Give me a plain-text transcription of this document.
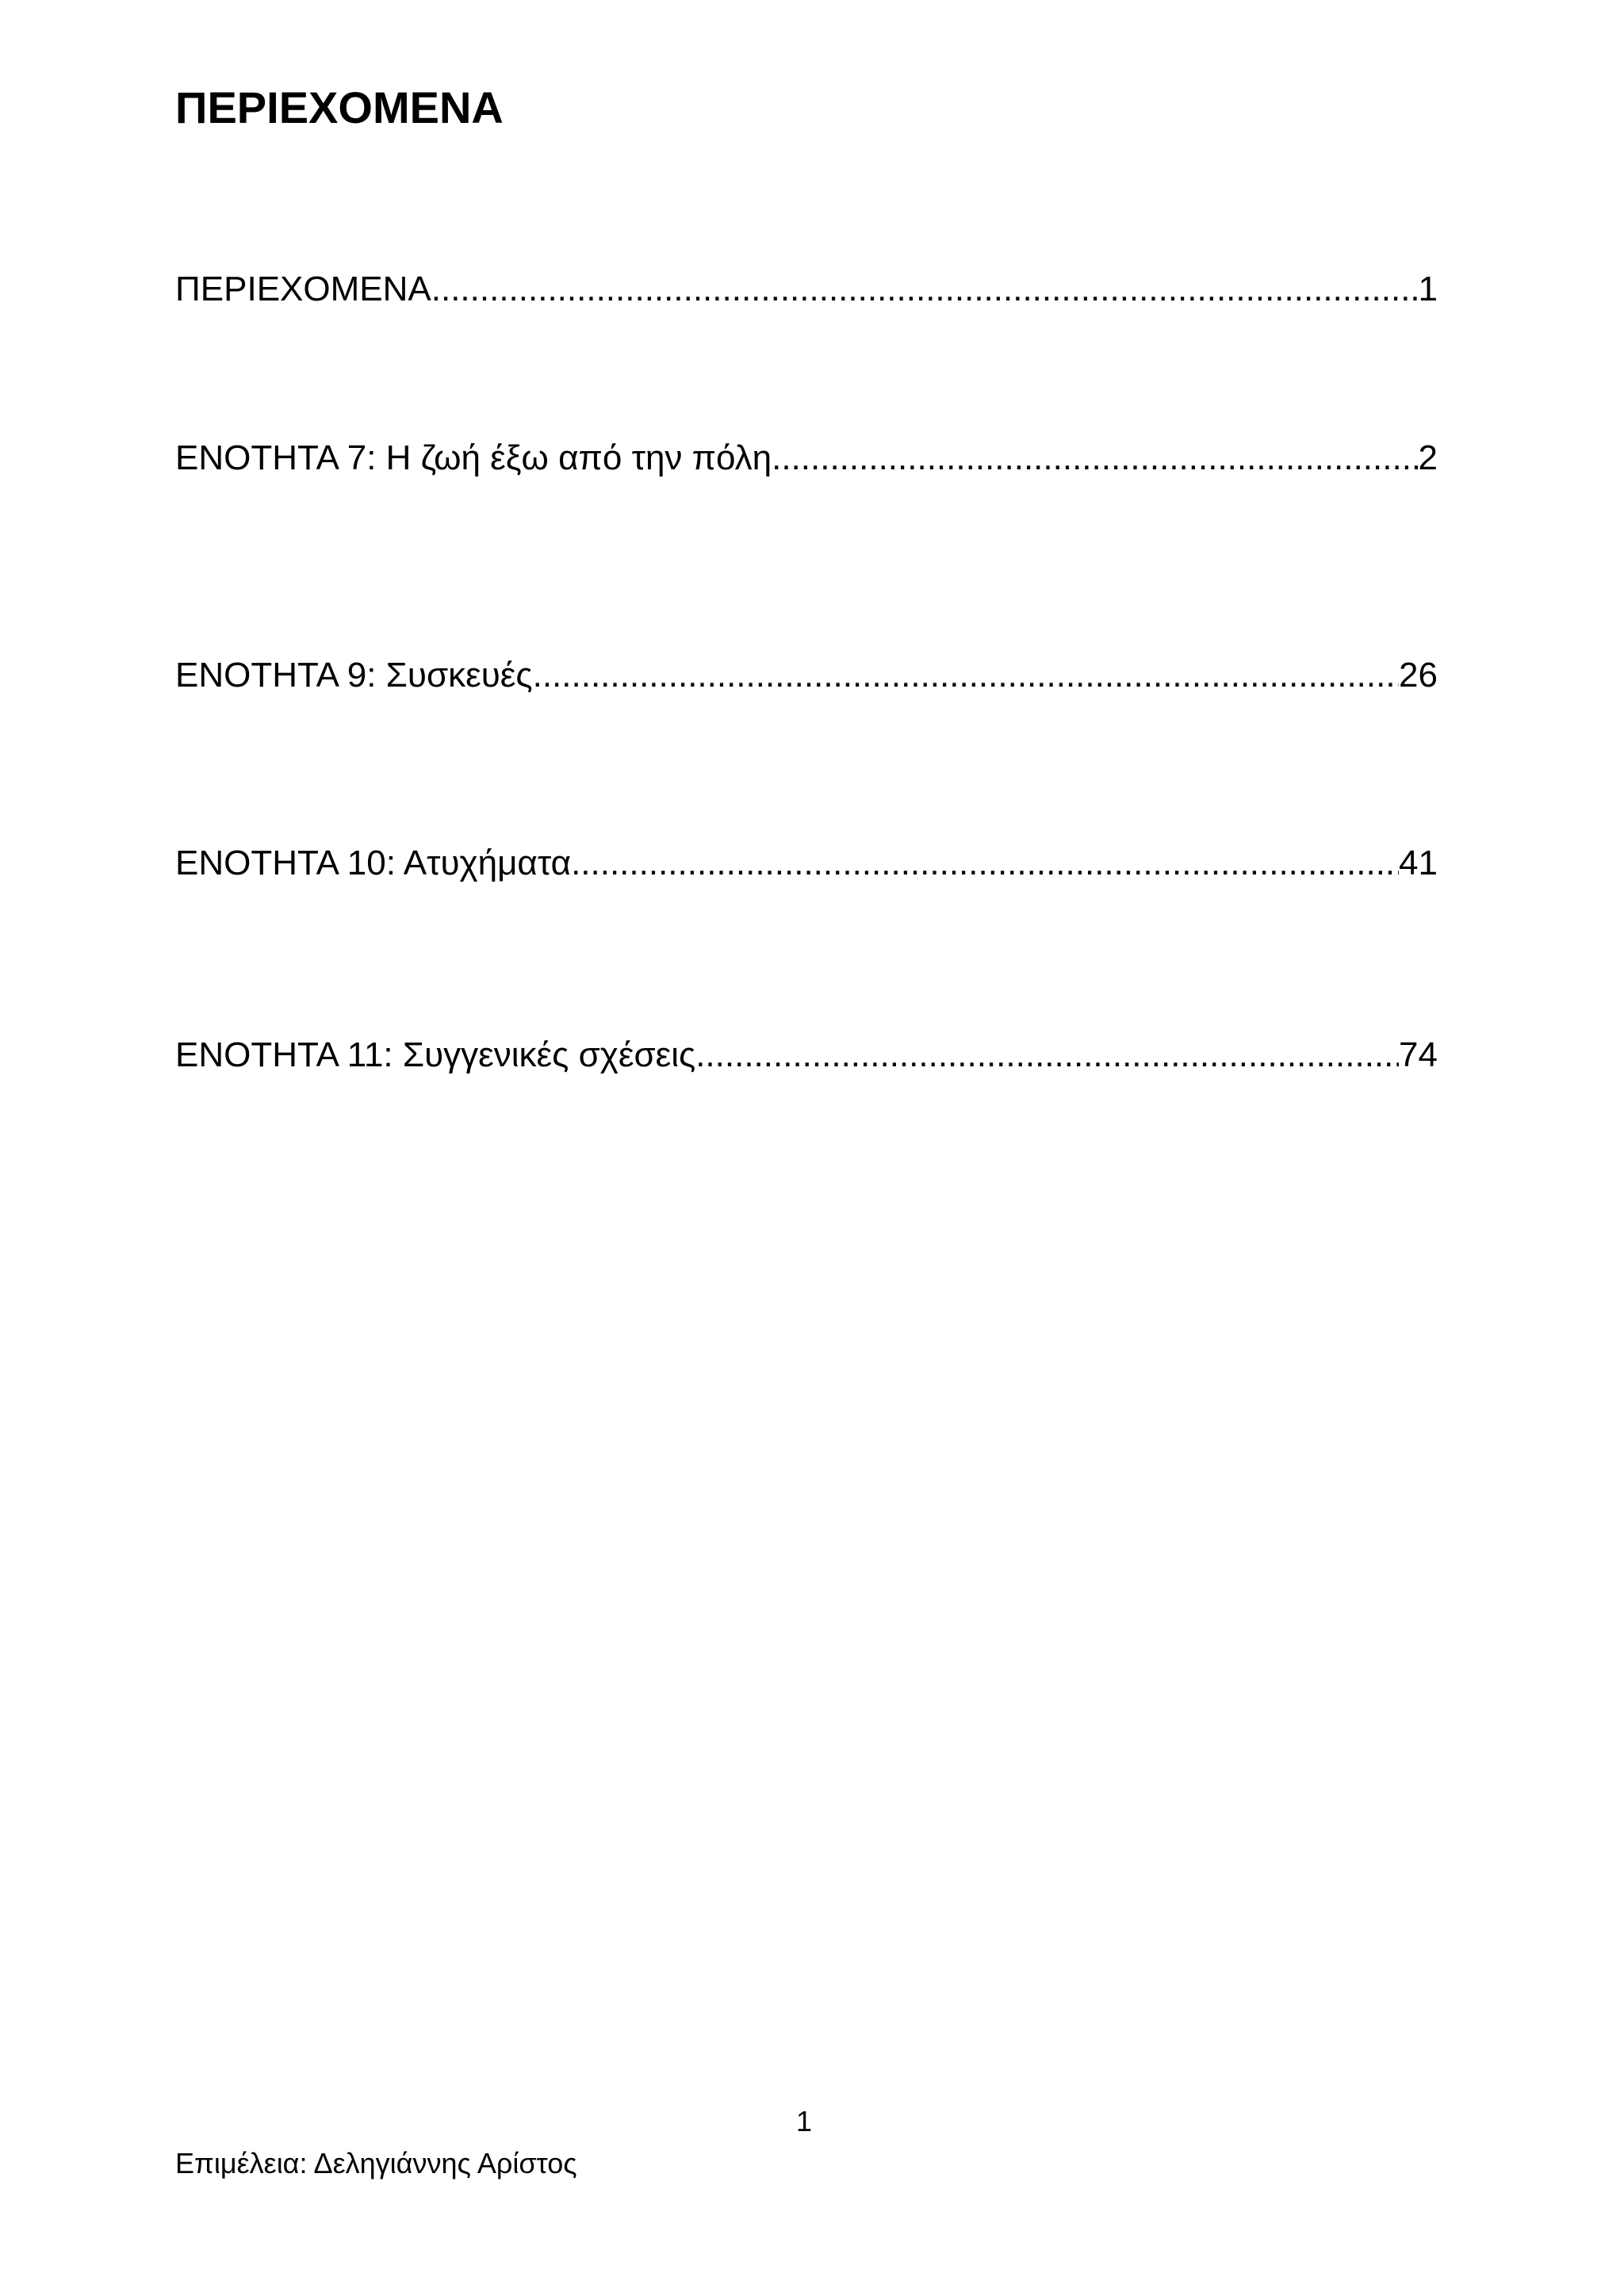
ΠΕΡΙΕΧΟΜΕΝΑ
ΠΕΡΙΕΧΟΜΕΝΑ .....	1
ΕΝΟΤΗΤΑ 7: Η ζωή έξω από την πόλη .....	2
ΕΝΟΤΗΤΑ 9: Συσκευές .....	26
ΕΝΟΤΗΤΑ 10: Ατυχήματα .....	41
ΕΝΟΤΗΤΑ 11: Συγγενικές σχέσεις .....	74
1
Επιμέλεια: Δεληγιάννης Αρίστος
